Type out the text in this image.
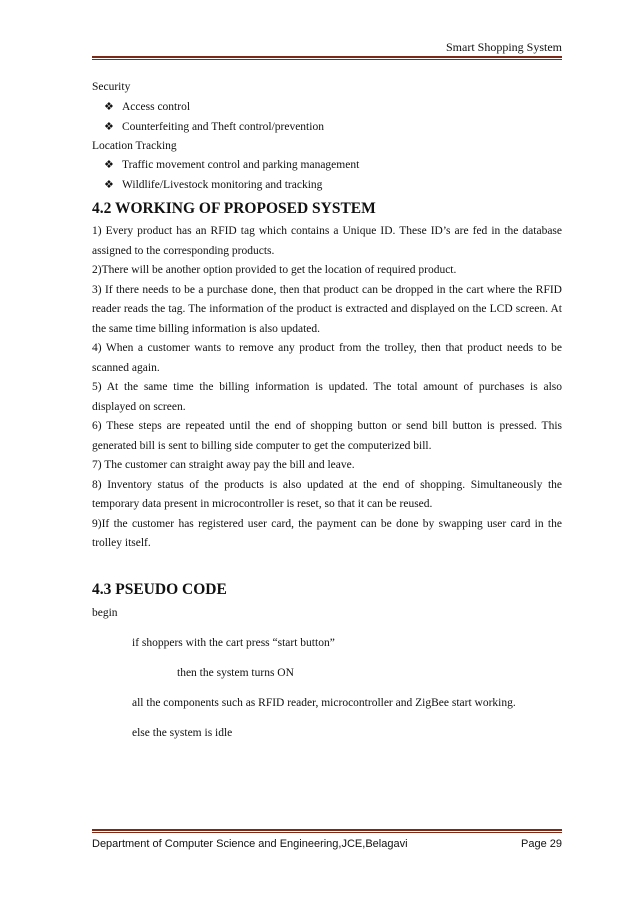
Smart Shopping System

Security

❖ Access control
❖ Counterfeiting and Theft control/prevention

Location Tracking

❖ Traffic movement control and parking management
❖ Wildlife/Livestock monitoring and tracking
4.2 WORKING OF PROPOSED SYSTEM

1) Every product has an RFID tag which contains a Unique ID. These ID’s are fed in the database assigned to the corresponding products.

2)There will be another option provided to get the location of required product.

3) If there needs to be a purchase done, then that product can be dropped in the cart where the RFID reader reads the tag. The information of the product is extracted and displayed on the LCD screen. At the same time billing information is also updated.

4) When a customer wants to remove any product from the trolley, then that product needs to be scanned again.

5) At the same time the billing information is updated. The total amount of purchases is also displayed on screen.

6) These steps are repeated until the end of shopping button or send bill button is pressed. This generated bill is sent to billing side computer to get the computerized bill.

7) The customer can straight away pay the bill and leave.

8) Inventory status of the products is also updated at the end of shopping. Simultaneously the temporary data present in microcontroller is reset, so that it can be reused.

9)If the customer has registered user card, the payment can be done by swapping user card in the trolley itself.

4.3 PSEUDO CODE

begin

if shoppers with the cart press “start button”

then the system turns ON

all the components such as RFID reader, microcontroller and ZigBee start working.

else the system is idle

Department of Computer Science and Engineering,JCE,Belagavi	Page 29
